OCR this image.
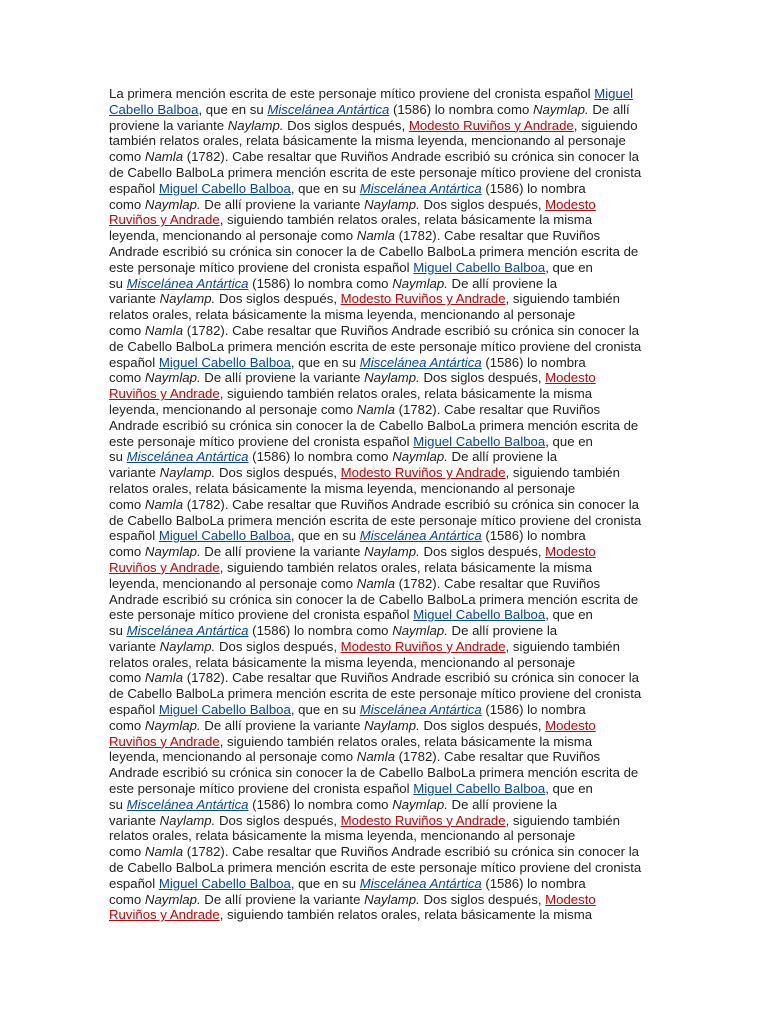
La primera mención escrita de este personaje mítico proviene del cronista español Miguel
Cabello Balboa, que en su Miscelánea Antártica (1586) lo nombra como Naymlap. De allí
proviene la variante Naylamp. Dos siglos después, Modesto Ruviños y Andrade, siguiendo
también relatos orales, relata básicamente la misma leyenda, mencionando al personaje
como Namla (1782). Cabe resaltar que Ruviños Andrade escribió su crónica sin conocer la
de Cabello BalboLa primera mención escrita de este personaje mítico proviene del cronista
español Miguel Cabello Balboa, que en su Miscelánea Antártica (1586) lo nombra
como Naymlap. De allí proviene la variante Naylamp. Dos siglos después, Modesto
Ruviños y Andrade, siguiendo también relatos orales, relata básicamente la misma
leyenda, mencionando al personaje como Namla (1782). Cabe resaltar que Ruviños
Andrade escribió su crónica sin conocer la de Cabello BalboLa primera mención escrita de
este personaje mítico proviene del cronista español Miguel Cabello Balboa, que en
su Miscelánea Antártica (1586) lo nombra como Naymlap. De allí proviene la
variante Naylamp. Dos siglos después, Modesto Ruviños y Andrade, siguiendo también
relatos orales, relata básicamente la misma leyenda, mencionando al personaje
como Namla (1782). Cabe resaltar que Ruviños Andrade escribió su crónica sin conocer la
de Cabello BalboLa primera mención escrita de este personaje mítico proviene del cronista
español Miguel Cabello Balboa, que en su Miscelánea Antártica (1586) lo nombra
como Naymlap. De allí proviene la variante Naylamp. Dos siglos después, Modesto
Ruviños y Andrade, siguiendo también relatos orales, relata básicamente la misma
leyenda, mencionando al personaje como Namla (1782). Cabe resaltar que Ruviños
Andrade escribió su crónica sin conocer la de Cabello BalboLa primera mención escrita de
este personaje mítico proviene del cronista español Miguel Cabello Balboa, que en
su Miscelánea Antártica (1586) lo nombra como Naymlap. De allí proviene la
variante Naylamp. Dos siglos después, Modesto Ruviños y Andrade, siguiendo también
relatos orales, relata básicamente la misma leyenda, mencionando al personaje
como Namla (1782). Cabe resaltar que Ruviños Andrade escribió su crónica sin conocer la
de Cabello BalboLa primera mención escrita de este personaje mítico proviene del cronista
español Miguel Cabello Balboa, que en su Miscelánea Antártica (1586) lo nombra
como Naymlap. De allí proviene la variante Naylamp. Dos siglos después, Modesto
Ruviños y Andrade, siguiendo también relatos orales, relata básicamente la misma
leyenda, mencionando al personaje como Namla (1782). Cabe resaltar que Ruviños
Andrade escribió su crónica sin conocer la de Cabello BalboLa primera mención escrita de
este personaje mítico proviene del cronista español Miguel Cabello Balboa, que en
su Miscelánea Antártica (1586) lo nombra como Naymlap. De allí proviene la
variante Naylamp. Dos siglos después, Modesto Ruviños y Andrade, siguiendo también
relatos orales, relata básicamente la misma leyenda, mencionando al personaje
como Namla (1782). Cabe resaltar que Ruviños Andrade escribió su crónica sin conocer la
de Cabello BalboLa primera mención escrita de este personaje mítico proviene del cronista
español Miguel Cabello Balboa, que en su Miscelánea Antártica (1586) lo nombra
como Naymlap. De allí proviene la variante Naylamp. Dos siglos después, Modesto
Ruviños y Andrade, siguiendo también relatos orales, relata básicamente la misma
leyenda, mencionando al personaje como Namla (1782). Cabe resaltar que Ruviños
Andrade escribió su crónica sin conocer la de Cabello BalboLa primera mención escrita de
este personaje mítico proviene del cronista español Miguel Cabello Balboa, que en
su Miscelánea Antártica (1586) lo nombra como Naymlap. De allí proviene la
variante Naylamp. Dos siglos después, Modesto Ruviños y Andrade, siguiendo también
relatos orales, relata básicamente la misma leyenda, mencionando al personaje
como Namla (1782). Cabe resaltar que Ruviños Andrade escribió su crónica sin conocer la
de Cabello BalboLa primera mención escrita de este personaje mítico proviene del cronista
español Miguel Cabello Balboa, que en su Miscelánea Antártica (1586) lo nombra
como Naymlap. De allí proviene la variante Naylamp. Dos siglos después, Modesto
Ruviños y Andrade, siguiendo también relatos orales, relata básicamente la misma
